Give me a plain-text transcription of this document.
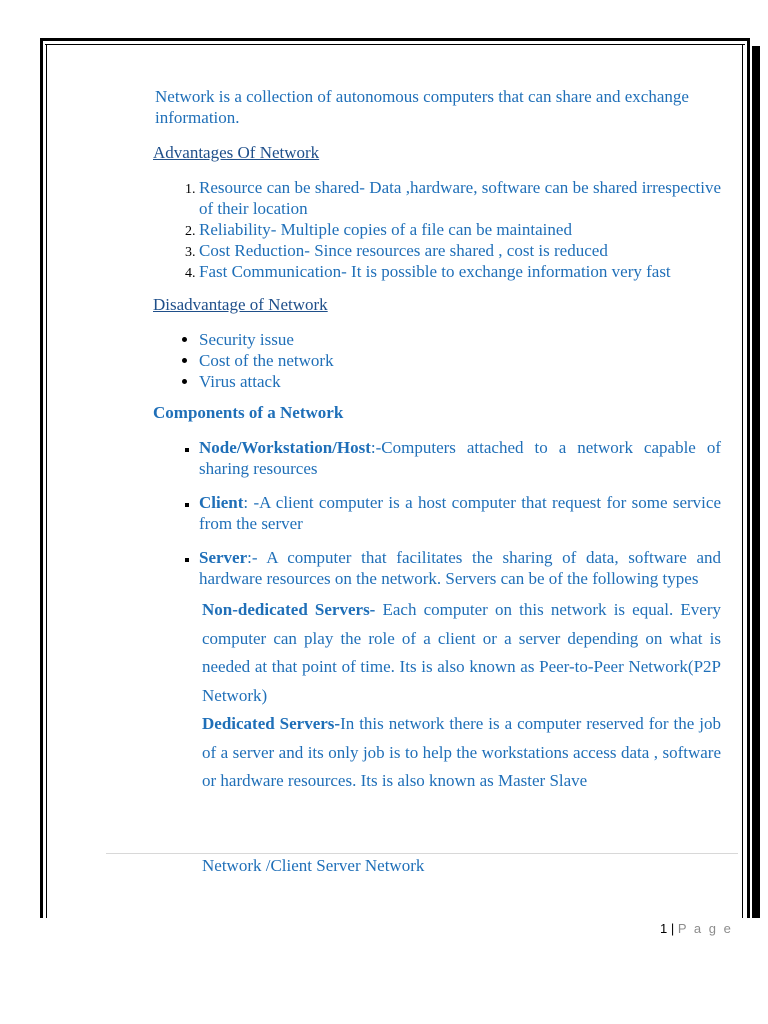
Network is a collection of autonomous computers that can share and exchange information.

Advantages Of Network

1. Resource can be shared- Data ,hardware, software can be shared irrespective of their location
2. Reliability- Multiple copies of a file can be maintained
3. Cost Reduction- Since resources are shared , cost is reduced
4. Fast Communication- It is possible to exchange information very fast

Disadvantage of Network

• Security issue
• Cost of the network
• Virus attack

Components of a Network

▪ Node/Workstation/Host:-Computers attached to a network capable of sharing resources
▪ Client: -A client computer is a host computer that request for some service from the server
▪ Server:- A computer that facilitates the sharing of data, software and hardware resources on the network. Servers can be of the following types

Non-dedicated Servers- Each computer on this network is equal. Every computer can play the role of a client or a server depending on what is needed at that point of time. Its is also known as Peer-to-Peer Network(P2P Network)

Dedicated Servers-In this network there is a computer reserved for the job of a server and its only job is to help the workstations access data , software or hardware resources. Its is also known as Master Slave

Network /Client Server Network
1 | P a g e
